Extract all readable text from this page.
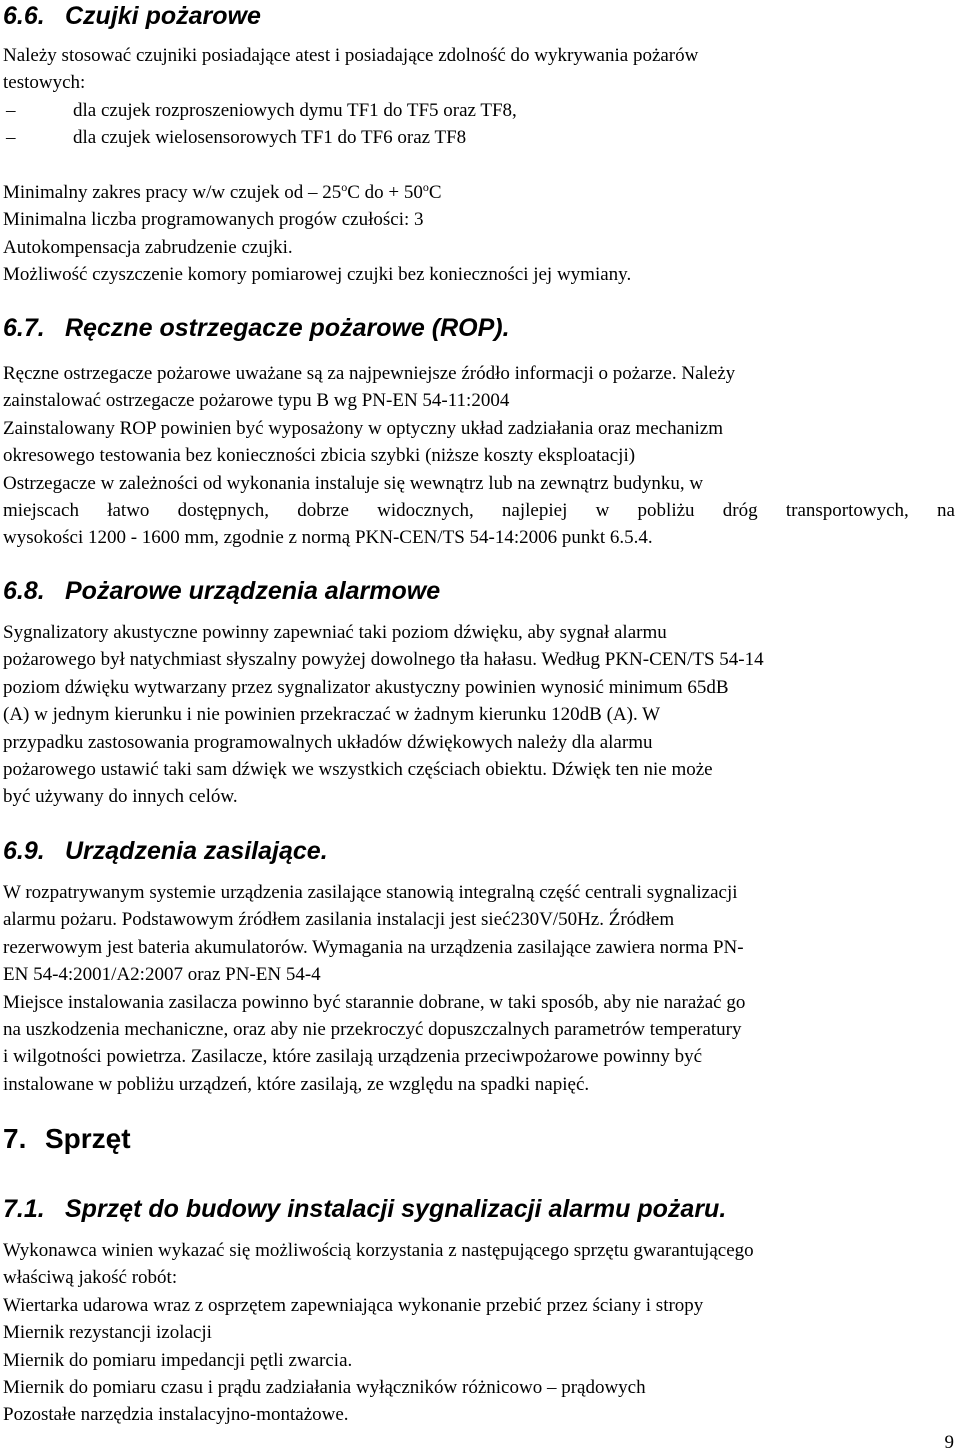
6.6. Czujki pożarowe
Należy stosować czujniki posiadające atest i posiadające zdolność do wykrywania pożarów
testowych:
–	dla czujek rozproszeniowych dymu TF1 do TF5 oraz TF8,
–	dla czujek wielosensorowych TF1 do TF6 oraz TF8
Minimalny zakres pracy w/w czujek od – 25$^o$C do + $50^oC$
Minimalna liczba programowanych progów czułości: 3
Autokompensacja zabrudzenie czujki.
Możliwość czyszczenie komory pomiarowej czujki bez konieczności jej wymiany.
6.7. Ręczne ostrzegacze pożarowe (ROP).
Ręczne ostrzegacze pożarowe uważane są za najpewniejsze źródło informacji o pożarze. Należy
zainstalować ostrzegacze pożarowe typu B wg PN-EN 54-11:2004
Zainstalowany ROP powinien być wyposażony w optyczny układ zadziałania oraz mechanizm
okresowego testowania bez konieczności zbicia szybki (niższe koszty eksploatacji)
Ostrzegacze w zależności od wykonania instaluje się wewnątrz lub na zewnątrz budynku, w
miejscach łatwo dostępnych, dobrze widocznych, najlepiej w pobliżu dróg transportowych, na
wysokości 1200 - 1600 mm, zgodnie z normą PKN-CEN/TS 54-14:2006 punkt 6.5.4.
6.8. Pożarowe urządzenia alarmowe
Sygnalizatory akustyczne powinny zapewniać taki poziom dźwięku, aby sygnał alarmu
pożarowego był natychmiast słyszalny powyżej dowolnego tła hałasu. Według PKN-CEN/TS 54-14
poziom dźwięku wytwarzany przez sygnalizator akustyczny powinien wynosić minimum 65dB
(A) w jednym kierunku i nie powinien przekraczać w żadnym kierunku 120dB (A). W
przypadku zastosowania programowalnych układów dźwiękowych należy dla alarmu
pożarowego ustawić taki sam dźwięk we wszystkich częściach obiektu. Dźwięk ten nie może
być używany do innych celów.
6.9. Urządzenia zasilające.
W rozpatrywanym systemie urządzenia zasilające stanowią integralną część centrali sygnalizacji
alarmu pożaru. Podstawowym źródłem zasilania instalacji jest sieć230V/50Hz. Źródłem
rezerwowym jest bateria akumulatorów. Wymagania na urządzenia zasilające zawiera norma PN-
EN 54-4:2001/A2:2007 oraz PN-EN 54-4
Miejsce instalowania zasilacza powinno być starannie dobrane, w taki sposób, aby nie narażać go
na uszkodzenia mechaniczne, oraz aby nie przekroczyć dopuszczalnych parametrów temperatury
i wilgotności powietrza. Zasilacze, które zasilają urządzenia przeciwpożarowe powinny być
instalowane w pobliżu urządzeń, które zasilają, ze względu na spadki napięć.
7. Sprzęt
7.1. Sprzęt do budowy instalacji sygnalizacji alarmu pożaru.
Wykonawca winien wykazać się możliwością korzystania z następującego sprzętu gwarantującego
właściwą jakość robót:
Wiertarka udarowa wraz z osprzętem zapewniająca wykonanie przebić przez ściany i stropy
Miernik rezystancji izolacji
Miernik do pomiaru impedancji pętli zwarcia.
Miernik do pomiaru czasu i prądu zadziałania wyłączników różnicowo – prądowych
Pozostałe narzędzia instalacyjno-montażowe.
9
